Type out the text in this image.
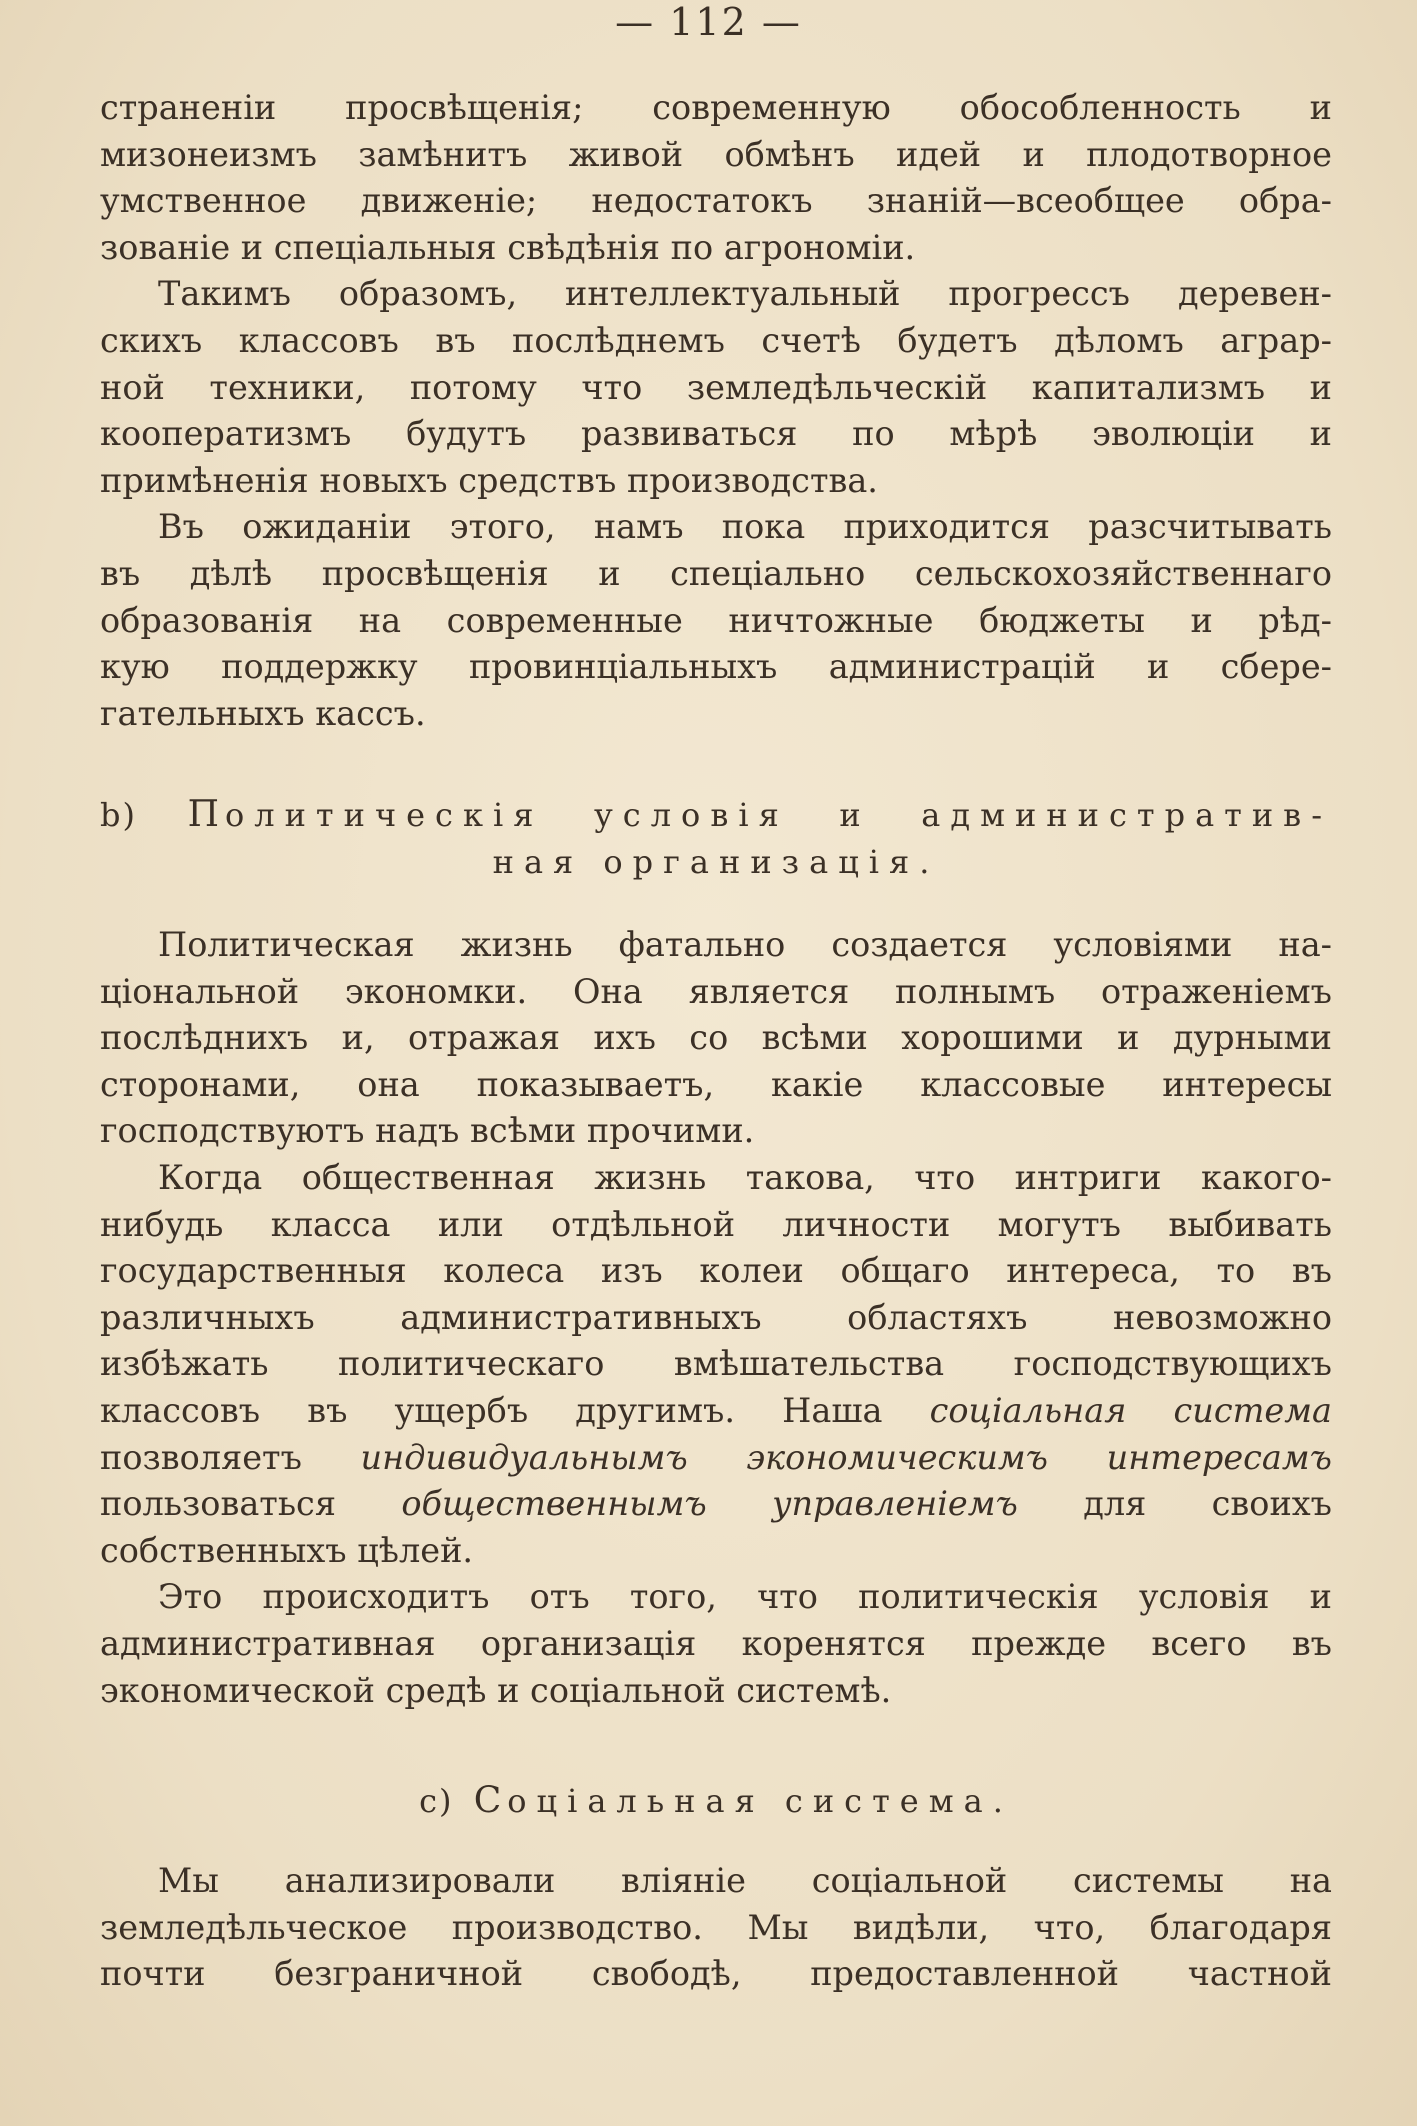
— 112 —
страненіи просвѣщенія; современную обособленность и
мизонеизмъ замѣнитъ живой обмѣнъ идей и плодотворное
умственное движеніе; недостатокъ знаній—всеобщее обра-
зованіе и спеціальныя свѣдѣнія по агрономіи.
Такимъ образомъ, интеллектуальный прогрессъ деревен-
скихъ классовъ въ послѣднемъ счетѣ будетъ дѣломъ аграр-
ной техники, потому что земледѣльческій капитализмъ и
кооператизмъ будутъ развиваться по мѣрѣ эволюціи и
примѣненія новыхъ средствъ производства.
Въ ожиданіи этого, намъ пока приходится разсчитывать
въ дѣлѣ просвѣщенія и спеціально сельскохозяйственнаго
образованія на современные ничтожные бюджеты и рѣд-
кую поддержку провинціальныхъ администрацій и сбере-
гательныхъ кассъ.
b) Политическія условія и административ-
ная организація.
Политическая жизнь фатально создается условіями на-
ціональной экономки. Она является полнымъ отраженіемъ
послѣднихъ и, отражая ихъ со всѣми хорошими и дурными
сторонами, она показываетъ, какіе классовые интересы
господствуютъ надъ всѣми прочими.
Когда общественная жизнь такова, что интриги какого-
нибудь класса или отдѣльной личности могутъ выбивать
государственныя колеса изъ колеи общаго интереса, то въ
различныхъ административныхъ областяхъ невозможно
избѣжать политическаго вмѣшательства господствующихъ
классовъ въ ущербъ другимъ. Наша соціальная система
позволяетъ индивидуальнымъ экономическимъ интересамъ
пользоваться общественнымъ управленіемъ для своихъ
собственныхъ цѣлей.
Это происходитъ отъ того, что политическія условія и
административная организація коренятся прежде всего въ
экономической средѣ и соціальной системѣ.
c) Соціальная система.
Мы анализировали вліяніе соціальной системы на
земледѣльческое производство. Мы видѣли, что, благодаря
почти безграничной свободѣ, предоставленной частной
